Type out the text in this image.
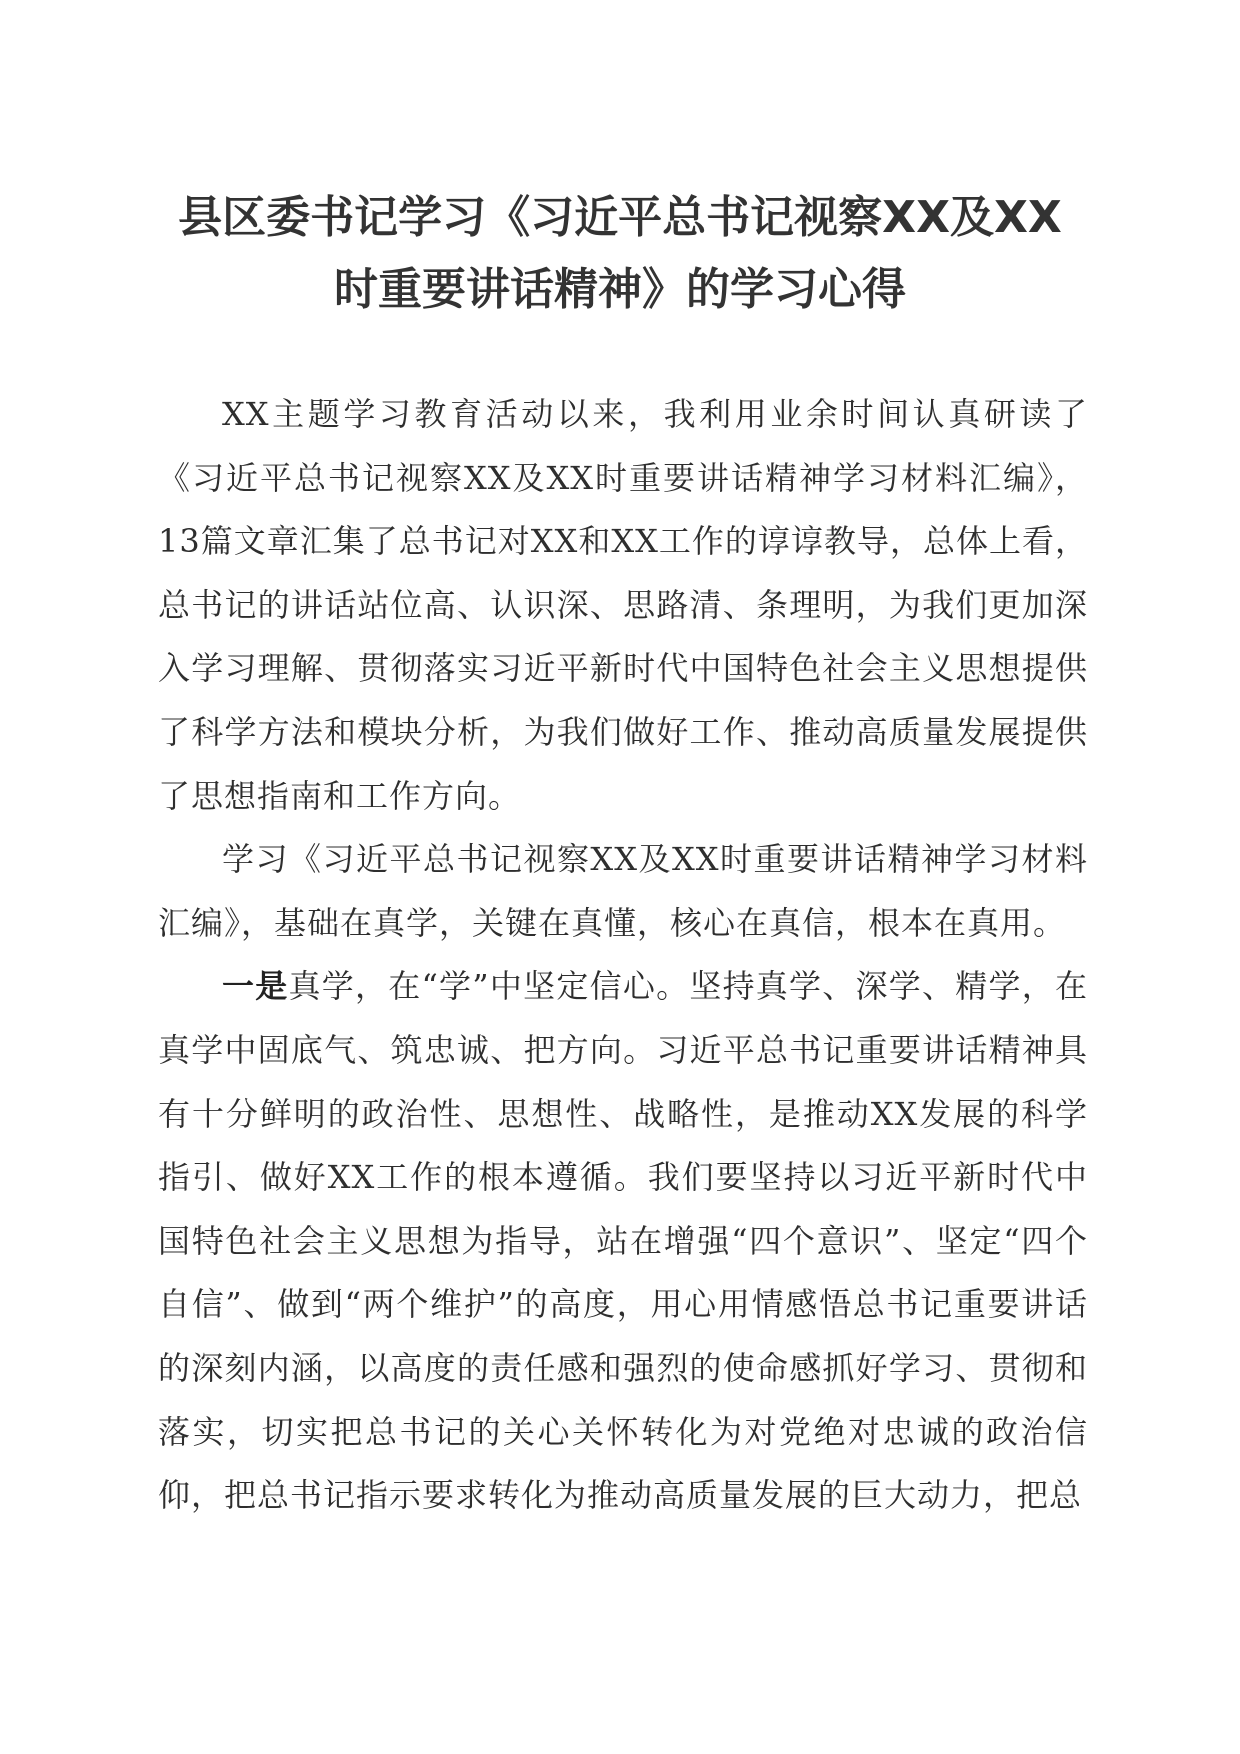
县区委书记学习《习近平总书记视察XX及XX
时重要讲话精神》的学习心得

XX主题学习教育活动以来，我利用业余时间认真研读了《习近平总书记视察XX及XX时重要讲话精神学习材料汇编》，13篇文章汇集了总书记对XX和XX工作的谆谆教导，总体上看，总书记的讲话站位高、认识深、思路清、条理明，为我们更加深入学习理解、贯彻落实习近平新时代中国特色社会主义思想提供了科学方法和模块分析，为我们做好工作、推动高质量发展提供了思想指南和工作方向。

学习《习近平总书记视察XX及XX时重要讲话精神学习材料汇编》，基础在真学，关键在真懂，核心在真信，根本在真用。

一是真学，在“学”中坚定信心。坚持真学、深学、精学，在真学中固底气、筑忠诚、把方向。习近平总书记重要讲话精神具有十分鲜明的政治性、思想性、战略性，是推动XX发展的科学指引、做好XX工作的根本遵循。我们要坚持以习近平新时代中国特色社会主义思想为指导，站在增强“四个意识”、坚定“四个自信”、做到“两个维护”的高度，用心用情感悟总书记重要讲话的深刻内涵，以高度的责任感和强烈的使命感抓好学习、贯彻和落实，切实把总书记的关心关怀转化为对党绝对忠诚的政治信仰，把总书记指示要求转化为推动高质量发展的巨大动力，把总
